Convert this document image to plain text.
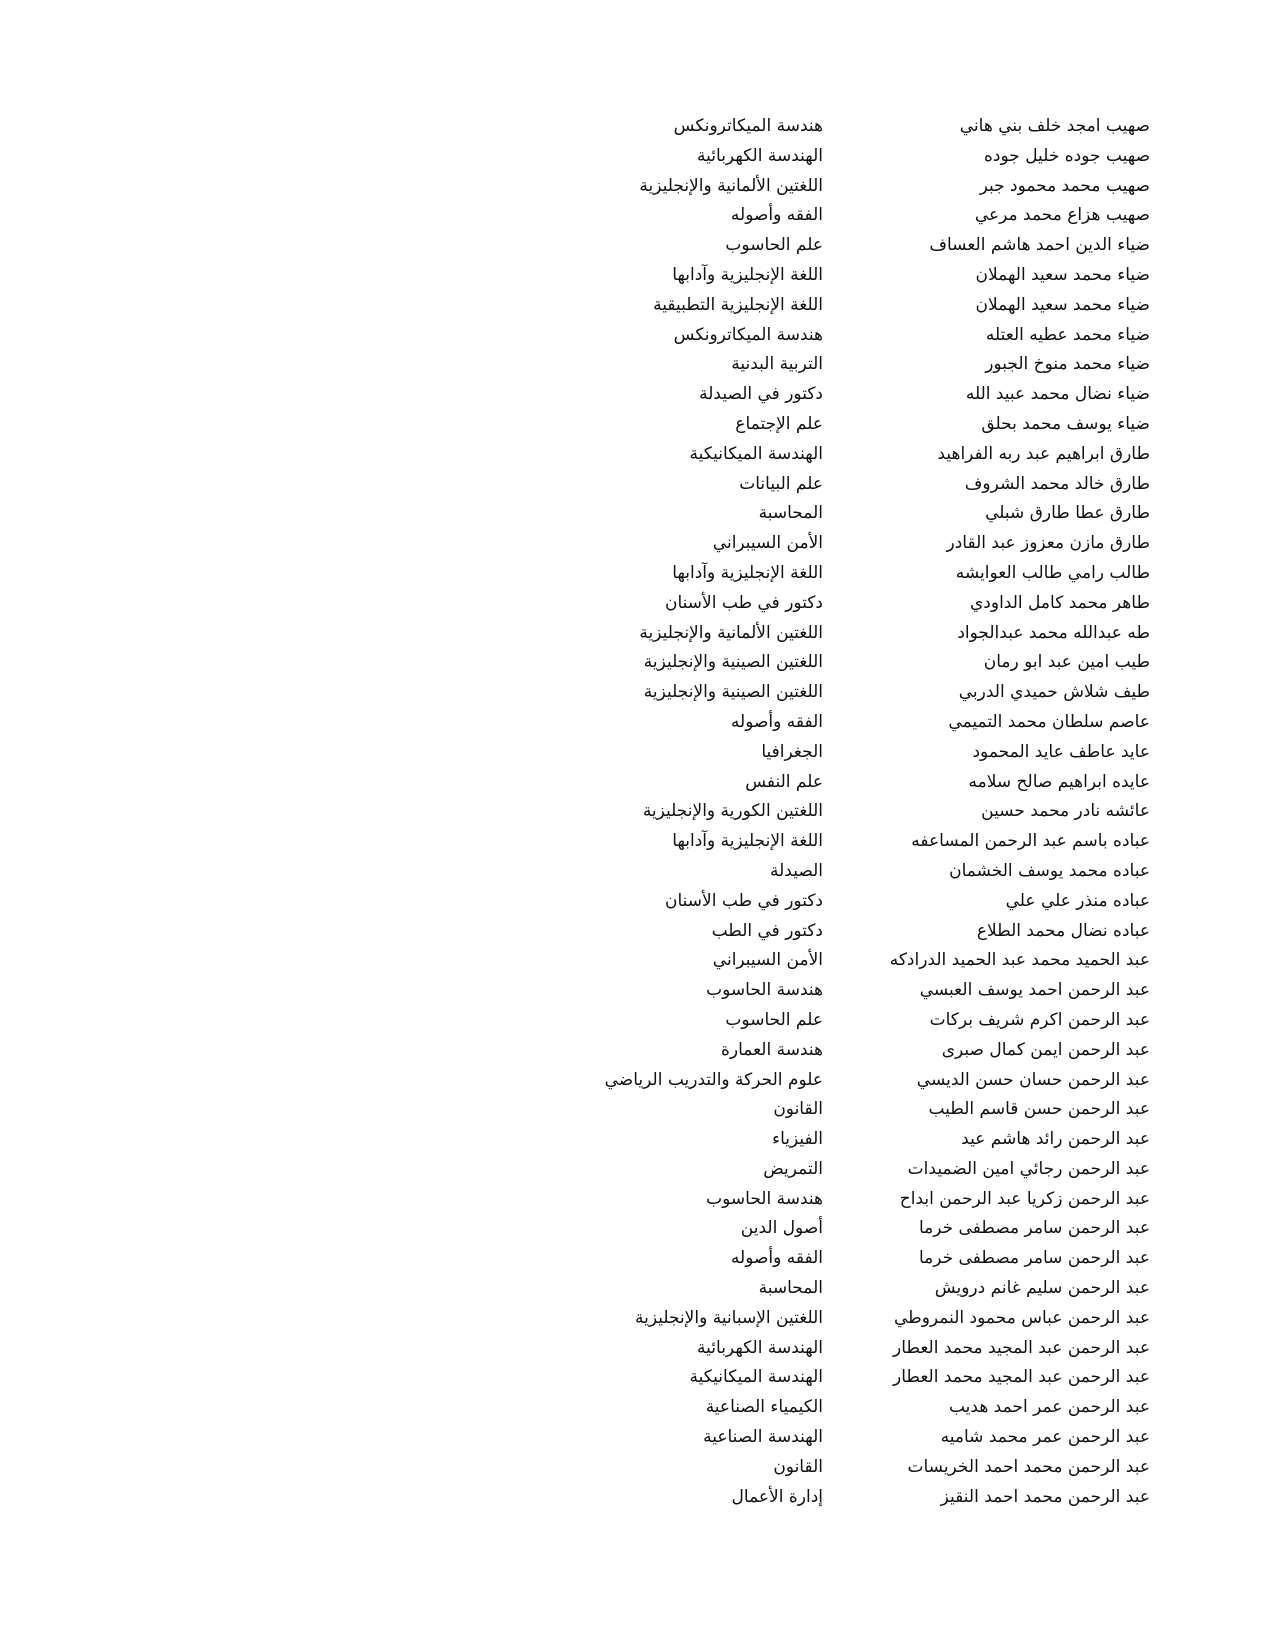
صهيب امجد خلف بني هاني
هندسة الميكاترونكس
صهيب جوده خليل جوده
الهندسة الكهربائية
صهيب محمد محمود جبر
اللغتين الألمانية والإنجليزية
صهيب هزاع محمد مرعي
الفقه وأصوله
ضياء الدين احمد هاشم العساف
علم الحاسوب
ضياء محمد سعيد الهملان
اللغة الإنجليزية وآدابها
ضياء محمد سعيد الهملان
اللغة الإنجليزية التطبيقية
ضياء محمد عطيه العتله
هندسة الميكاترونكس
ضياء محمد منوخ الجبور
التربية البدنية
ضياء نضال محمد عبيد الله
دكتور في الصيدلة
ضياء يوسف محمد بحلق
علم الإجتماع
طارق ابراهيم عبد ربه الفراهيد
الهندسة الميكانيكية
طارق خالد محمد الشروف
علم البيانات
طارق عطا طارق شبلي
المحاسبة
طارق مازن معزوز عبد القادر
الأمن السيبراني
طالب رامي طالب العوايشه
اللغة الإنجليزية وآدابها
طاهر محمد كامل الداودي
دكتور في طب الأسنان
طه عبدالله محمد عبدالجواد
اللغتين الألمانية والإنجليزية
طيب امين عبد ابو رمان
اللغتين الصينية والإنجليزية
طيف شلاش حميدي الدربي
اللغتين الصينية والإنجليزية
عاصم سلطان محمد التميمي
الفقه وأصوله
عايد عاطف عايد المحمود
الجغرافيا
عايده ابراهيم صالح سلامه
علم النفس
عائشه نادر محمد حسين
اللغتين الكورية والإنجليزية
عباده باسم عبد الرحمن المساعفه
اللغة الإنجليزية وآدابها
عباده محمد يوسف الخشمان
الصيدلة
عباده منذر علي علي
دكتور في طب الأسنان
عباده نضال محمد الطلاع
دكتور في الطب
عبد الحميد محمد عبد الحميد الدرادكه
الأمن السيبراني
عبد الرحمن احمد يوسف العبسي
هندسة الحاسوب
عبد الرحمن اكرم شريف بركات
علم الحاسوب
عبد الرحمن ايمن كمال صبرى
هندسة العمارة
عبد الرحمن حسان حسن الديسي
علوم الحركة والتدريب الرياضي
عبد الرحمن حسن قاسم الطيب
القانون
عبد الرحمن رائد هاشم عيد
الفيزياء
عبد الرحمن رجائي امين الضميدات
التمريض
عبد الرحمن زكريا عبد الرحمن ابداح
هندسة الحاسوب
عبد الرحمن سامر مصطفى خرما
أصول الدين
عبد الرحمن سامر مصطفى خرما
الفقه وأصوله
عبد الرحمن سليم غانم درويش
المحاسبة
عبد الرحمن عباس محمود النمروطي
اللغتين الإسبانية والإنجليزية
عبد الرحمن عبد المجيد محمد العطار
الهندسة الكهربائية
عبد الرحمن عبد المجيد محمد العطار
الهندسة الميكانيكية
عبد الرحمن عمر احمد هديب
الكيمياء الصناعية
عبد الرحمن عمر محمد شاميه
الهندسة الصناعية
عبد الرحمن محمد احمد الخريسات
القانون
عبد الرحمن محمد احمد النقيز
إدارة الأعمال
